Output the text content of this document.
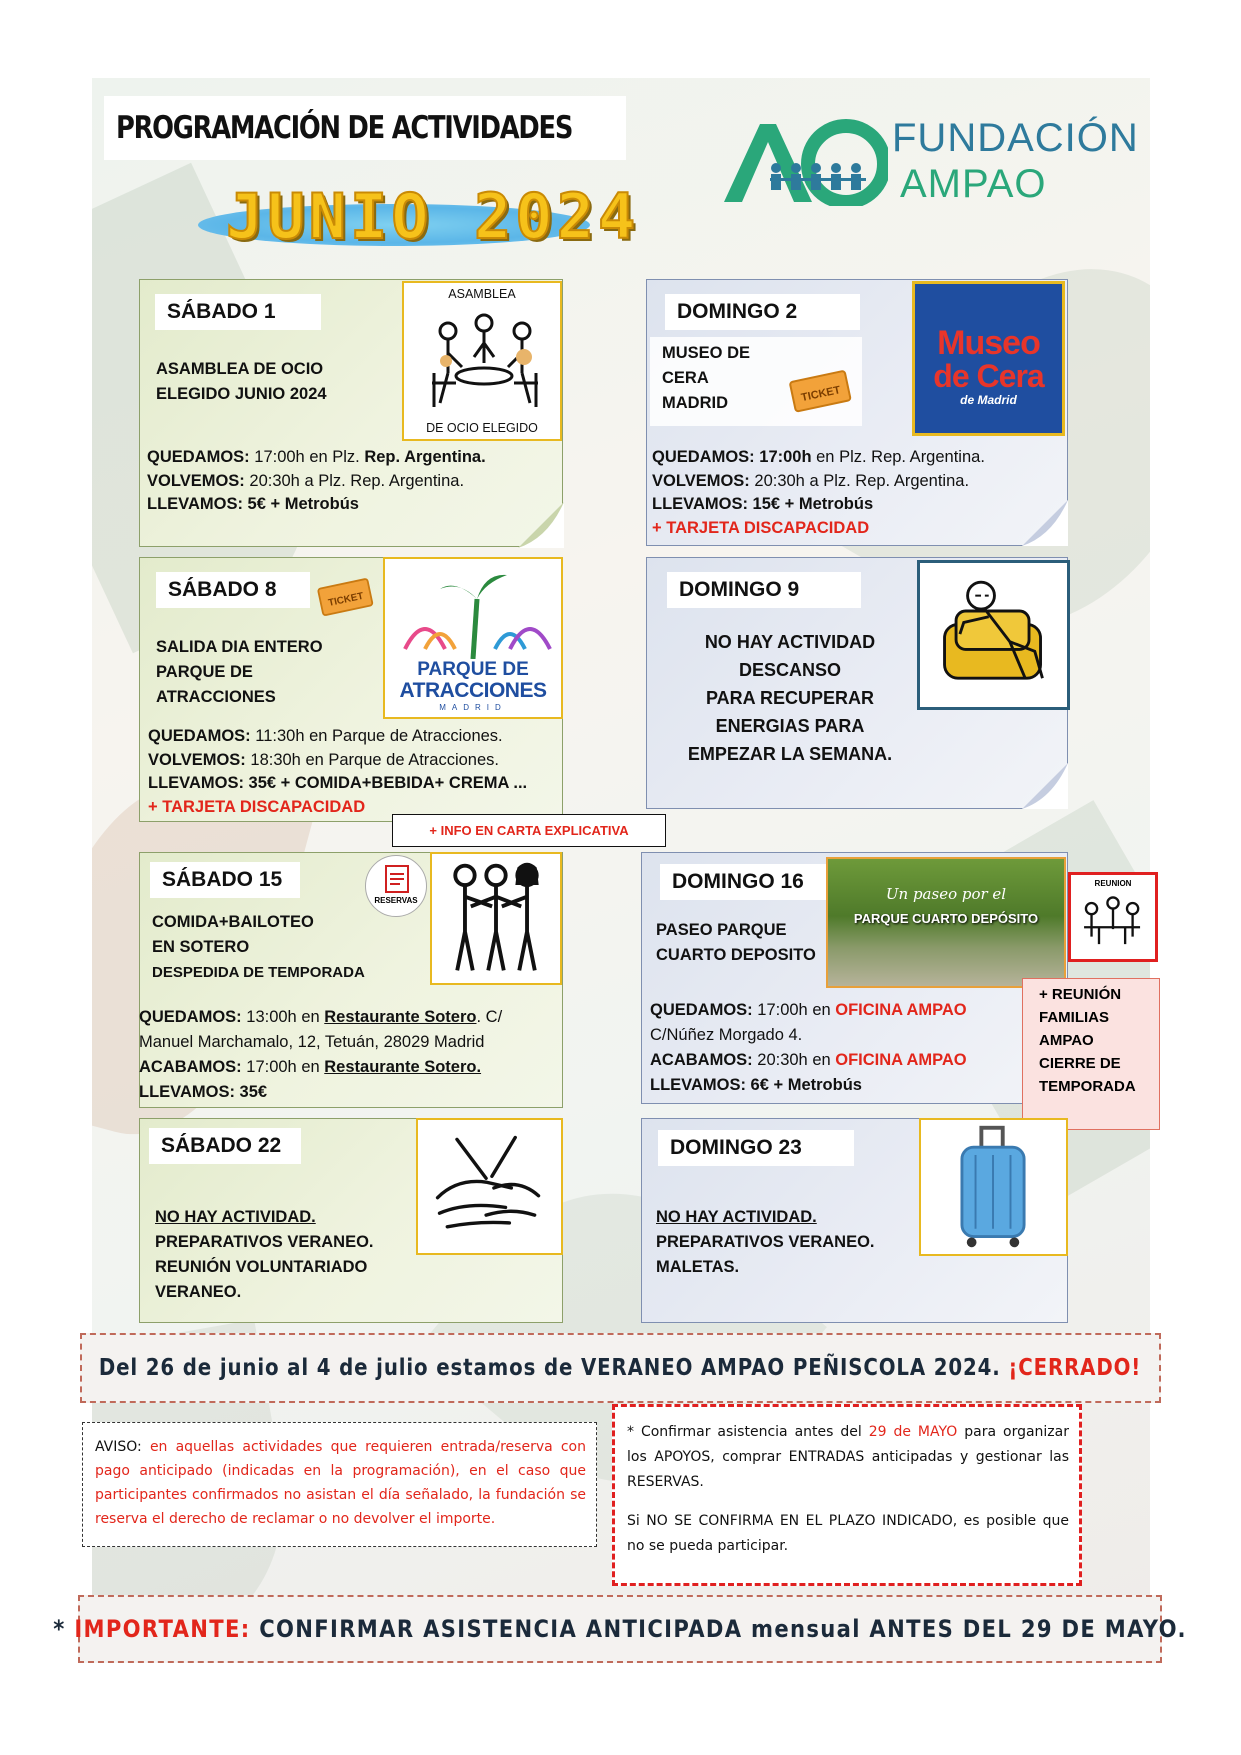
PROGRAMACIÓN DE ACTIVIDADES
JUNIO 2024
FUNDACIÓN
AMPAO
SÁBADO 1
ASAMBLEA DE OCIO
ELEGIDO JUNIO 2024
ASAMBLEA
DE OCIO ELEGIDO
QUEDAMOS: 17:00h en Plz. Rep. Argentina.
VOLVEMOS: 20:30h a Plz. Rep. Argentina.
LLEVAMOS: 5€ + Metrobús
DOMINGO 2
MUSEO DE
CERA
MADRID	TICKET
Museo
de Cera
de Madrid
QUEDAMOS: 17:00h en Plz. Rep. Argentina.
VOLVEMOS: 20:30h a Plz. Rep. Argentina.
LLEVAMOS: 15€ + Metrobús
+ TARJETA DISCAPACIDAD
SÁBADO 8	TICKET
SALIDA DIA ENTERO
PARQUE DE
ATRACCIONES
PARQUE DE
ATRACCIONES
MADRID
QUEDAMOS: 11:30h en Parque de Atracciones.
VOLVEMOS: 18:30h en Parque de Atracciones.
LLEVAMOS: 35€ + COMIDA+BEBIDA+ CREMA ...
+ TARJETA DISCAPACIDAD
DOMINGO 9
NO HAY ACTIVIDAD
DESCANSO
PARA RECUPERAR
ENERGIAS PARA
EMPEZAR LA SEMANA.
+ INFO EN CARTA EXPLICATIVA
SÁBADO 15
RESERVAS
COMIDA+BAILOTEO
EN SOTERO
DESPEDIDA DE TEMPORADA
QUEDAMOS: 13:00h en Restaurante Sotero. C/
Manuel Marchamalo, 12, Tetuán, 28029 Madrid
ACABAMOS: 17:00h en Restaurante Sotero.
LLEVAMOS: 35€
DOMINGO 16
Un paseo por el
PARQUE CUARTO DEPÓSITO
PASEO PARQUE
CUARTO DEPOSITO
QUEDAMOS: 17:00h en OFICINA AMPAO
C/Núñez Morgado 4.
ACABAMOS: 20:30h en OFICINA AMPAO
LLEVAMOS: 6€ + Metrobús
REUNION
+ REUNIÓN
FAMILIAS
AMPAO
CIERRE DE
TEMPORADA
SÁBADO 22
NO HAY ACTIVIDAD.
PREPARATIVOS VERANEO.
REUNIÓN VOLUNTARIADO
VERANEO.
DOMINGO 23
NO HAY ACTIVIDAD.
PREPARATIVOS VERANEO.
MALETAS.
Del 26 de junio al 4 de julio estamos de VERANEO AMPAO PEÑISCOLA 2024. ¡CERRADO!
AVISO: en aquellas actividades que requieren entrada/reserva con pago anticipado (indicadas en la programación), en el caso que participantes confirmados no asistan el día señalado, la fundación se reserva el derecho de reclamar o no devolver el importe.
* Confirmar asistencia antes del 29 de MAYO para organizar los APOYOS, comprar ENTRADAS anticipadas y gestionar las RESERVAS.
Si NO SE CONFIRMA EN EL PLAZO INDICADO, es posible que no se pueda participar.
* IMPORTANTE: CONFIRMAR ASISTENCIA ANTICIPADA mensual ANTES DEL 29 DE MAYO.
